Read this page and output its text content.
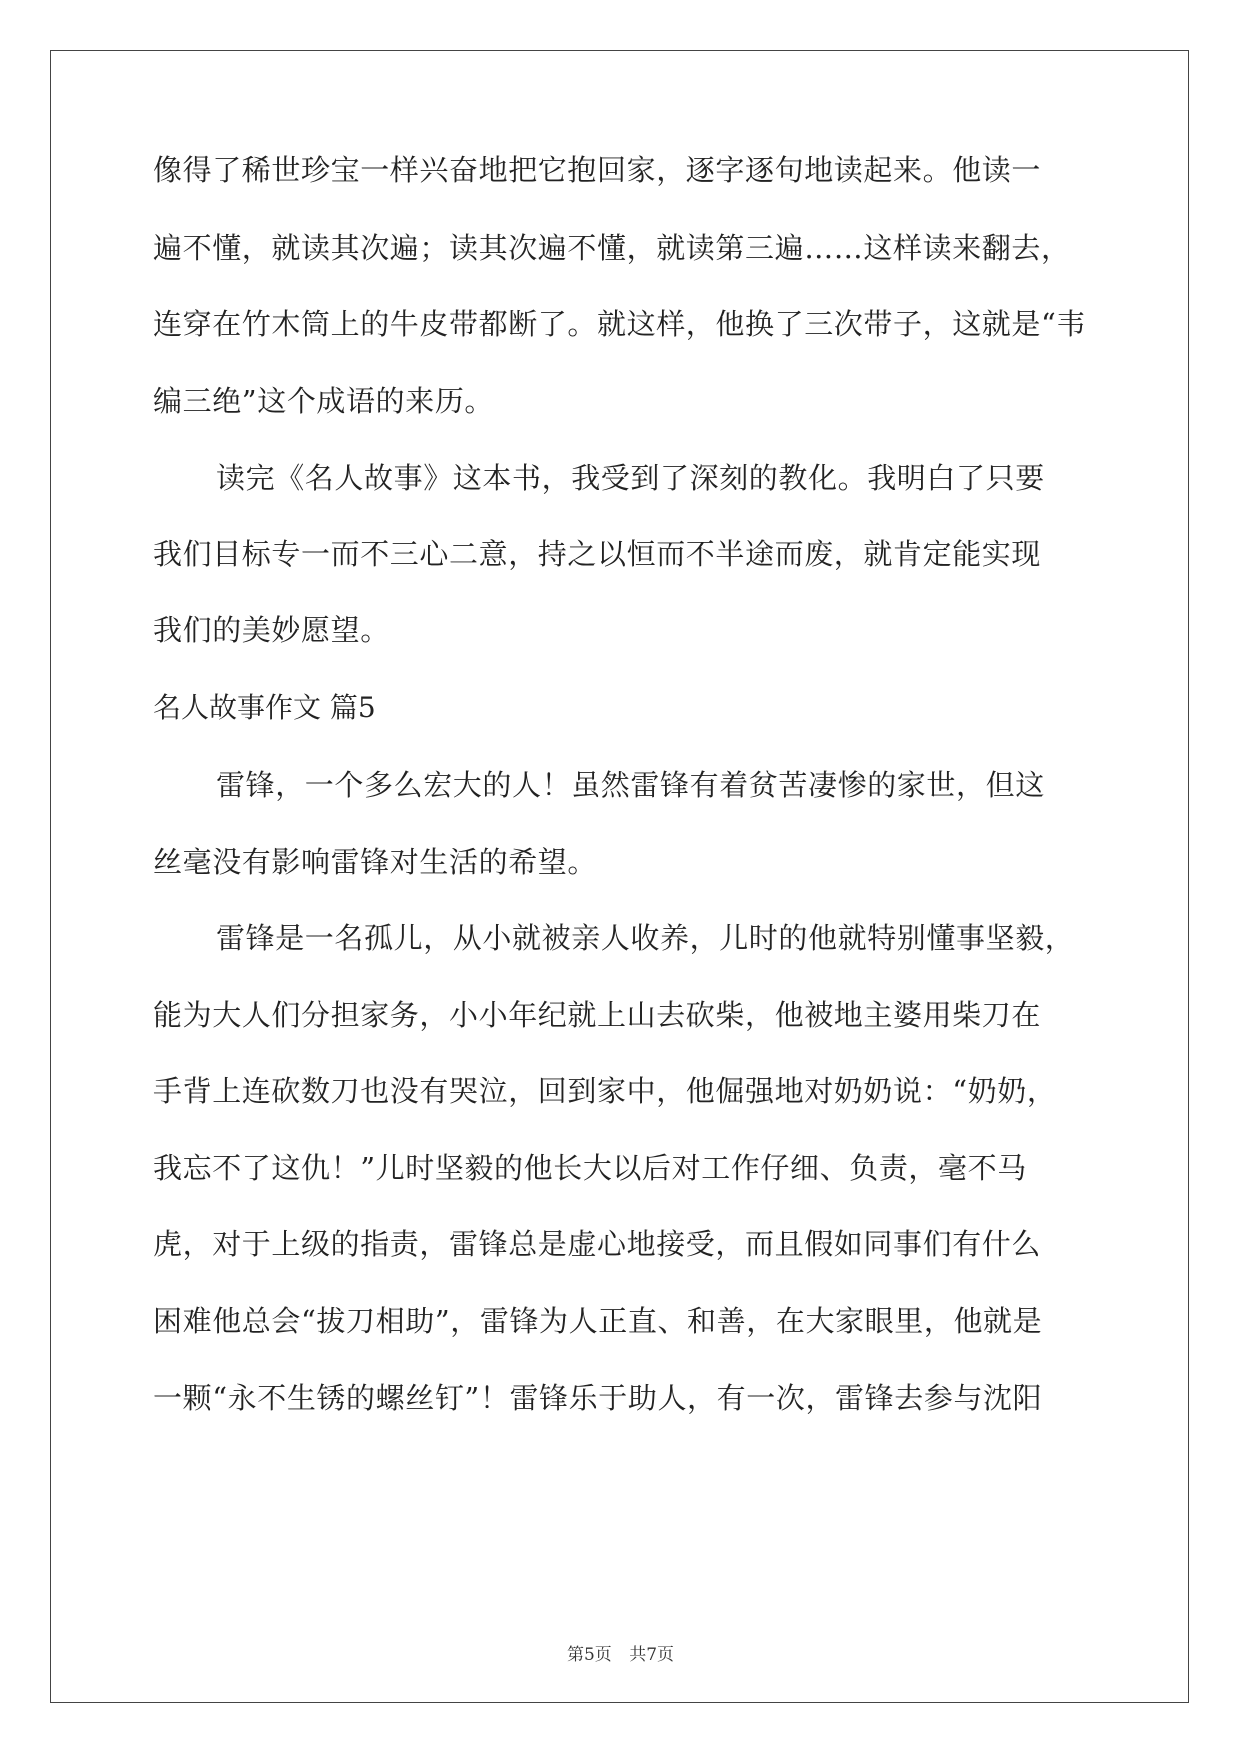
像得了稀世珍宝一样兴奋地把它抱回家，逐字逐句地读起来。他读一
遍不懂，就读其次遍；读其次遍不懂，就读第三遍……这样读来翻去，
连穿在竹木筒上的牛皮带都断了。就这样，他换了三次带子，这就是“韦
编三绝”这个成语的来历。
读完《名人故事》这本书，我受到了深刻的教化。我明白了只要
我们目标专一而不三心二意，持之以恒而不半途而废，就肯定能实现
我们的美妙愿望。
名人故事作文 篇5
雷锋，一个多么宏大的人！虽然雷锋有着贫苦凄惨的家世，但这
丝毫没有影响雷锋对生活的希望。
雷锋是一名孤儿，从小就被亲人收养，儿时的他就特别懂事坚毅，
能为大人们分担家务，小小年纪就上山去砍柴，他被地主婆用柴刀在
手背上连砍数刀也没有哭泣，回到家中，他倔强地对奶奶说：“奶奶，
我忘不了这仇！”儿时坚毅的他长大以后对工作仔细、负责，毫不马
虎，对于上级的指责，雷锋总是虚心地接受，而且假如同事们有什么
困难他总会“拔刀相助”，雷锋为人正直、和善，在大家眼里，他就是
一颗“永不生锈的螺丝钉”！雷锋乐于助人，有一次，雷锋去参与沈阳
第5页 共7页
